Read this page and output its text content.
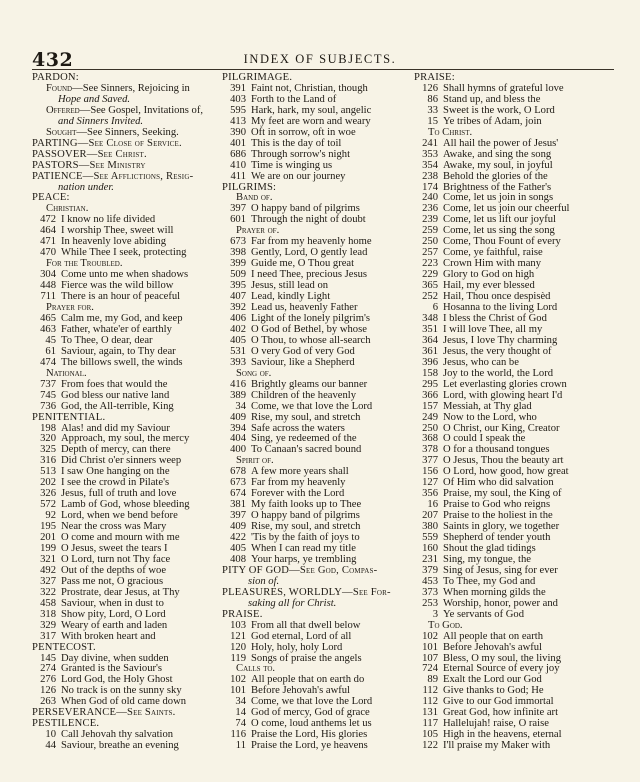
432	INDEX OF SUBJECTS.
PARDON:
Found—See Sinners, Rejoicing in
Hope and Saved.
Offered—See Gospel, Invitations of,
and Sinners Invited.
Sought—See Sinners, Seeking.
PARTING—See Close of Service.
PASSOVER—See Christ.
PASTORS—See Ministry
PATIENCE—See Afflictions, Resig-
nation under.
PEACE:
Christian.
472 I know no life divided
464 I worship Thee, sweet will
471 In heavenly love abiding
470 While Thee I seek, protecting
For the Troubled.
304 Come unto me when shadows
448 Fierce was the wild billow
711 There is an hour of peaceful
Prayer for.
465 Calm me, my God, and keep
463 Father, whate'er of earthly
45 To Thee, O dear, dear
61 Saviour, again, to Thy dear
474 The billows swell, the winds
National.
737 From foes that would the
745 God bless our native land
736 God, the All-terrible, King
PENITENTIAL.
198 Alas! and did my Saviour
320 Approach, my soul, the mercy
325 Depth of mercy, can there
316 Did Christ o'er sinners weep
513 I saw One hanging on the
202 I see the crowd in Pilate's
326 Jesus, full of truth and love
572 Lamb of God, whose bleeding
92 Lord, when we bend before
195 Near the cross was Mary
201 O come and mourn with me
199 O Jesus, sweet the tears I
321 O Lord, turn not Thy face
492 Out of the depths of woe
327 Pass me not, O gracious
322 Prostrate, dear Jesus, at Thy
458 Saviour, when in dust to
318 Show pity, Lord, O Lord
329 Weary of earth and laden
317 With broken heart and
PENTECOST.
145 Day divine, when sudden
274 Granted is the Saviour's
276 Lord God, the Holy Ghost
126 No track is on the sunny sky
263 When God of old came down
PERSEVERANCE—See Saints.
PESTILENCE.
10 Call Jehovah thy salvation
44 Saviour, breathe an evening
PILGRIMAGE.
391 Faint not, Christian, though
403 Forth to the Land of
595 Hark, hark, my soul, angelic
413 My feet are worn and weary
390 Oft in sorrow, oft in woe
401 This is the day of toil
686 Through sorrow's night
410 Time is winging us
411 We are on our journey
PILGRIMS:
Band of.
397 O happy band of pilgrims
601 Through the night of doubt
Prayer of.
673 Far from my heavenly home
398 Gently, Lord, O gently lead
399 Guide me, O Thou great
509 I need Thee, precious Jesus
395 Jesus, still lead on
407 Lead, kindly Light
392 Lead us, heavenly Father
406 Light of the lonely pilgrim's
402 O God of Bethel, by whose
405 O Thou, to whose all-search
531 O very God of very God
393 Saviour, like a Shepherd
Song of.
416 Brightly gleams our banner
389 Children of the heavenly
34 Come, we that love the Lord
409 Rise, my soul, and stretch
394 Safe across the waters
404 Sing, ye redeemed of the
400 To Canaan's sacred bound
Spirit of.
678 A few more years shall
673 Far from my heavenly
674 Forever with the Lord
381 My faith looks up to Thee
397 O happy band of pilgrims
409 Rise, my soul, and stretch
422 'Tis by the faith of joys to
405 When I can read my title
408 Your harps, ye trembling
PITY OF GOD—See God, Compas-
sion of.
PLEASURES, WORLDLY—See For-
saking all for Christ.
PRAISE.
103 From all that dwell below
121 God eternal, Lord of all
120 Holy, holy, holy Lord
119 Songs of praise the angels
Calls to.
102 All people that on earth do
101 Before Jehovah's awful
34 Come, we that love the Lord
14 God of mercy, God of grace
74 O come, loud anthems let us
116 Praise the Lord, His glories
11 Praise the Lord, ye heavens
PRAISE:
126 Shall hymns of grateful love
86 Stand up, and bless the
33 Sweet is the work, O Lord
15 Ye tribes of Adam, join
To Christ.
241 All hail the power of Jesus'
353 Awake, and sing the song
354 Awake, my soul, in joyful
238 Behold the glories of the
174 Brightness of the Father's
240 Come, let us join in songs
236 Come, let us join our cheerful
239 Come, let us lift our joyful
259 Come, let us sing the song
250 Come, Thou Fount of every
257 Come, ye faithful, raise
223 Crown Him with many
229 Glory to God on high
365 Hail, my ever blessed
252 Hail, Thou once despisèd
6 Hosanna to the living Lord
348 I bless the Christ of God
351 I will love Thee, all my
364 Jesus, I love Thy charming
361 Jesus, the very thought of
396 Jesus, who can be
158 Joy to the world, the Lord
295 Let everlasting glories crown
366 Lord, with glowing heart I'd
157 Messiah, at Thy glad
249 Now to the Lord, who
250 O Christ, our King, Creator
368 O could I speak the
378 O for a thousand tongues
377 O Jesus, Thou the beauty art
156 O Lord, how good, how great
127 Of Him who did salvation
356 Praise, my soul, the King of
16 Praise to God who reigns
207 Praise to the holiest in the
380 Saints in glory, we together
559 Shepherd of tender youth
160 Shout the glad tidings
231 Sing, my tongue, the
379 Sing of Jesus, sing for ever
453 To Thee, my God and
373 When morning gilds the
253 Worship, honor, power and
3 Ye servants of God
To God.
102 All people that on earth
101 Before Jehovah's awful
107 Bless, O my soul, the living
724 Eternal Source of every joy
89 Exalt the Lord our God
112 Give thanks to God; He
112 Give to our God immortal
131 Great God, how infinite art
117 Hallelujah! raise, O raise
105 High in the heavens, eternal
122 I'll praise my Maker with
